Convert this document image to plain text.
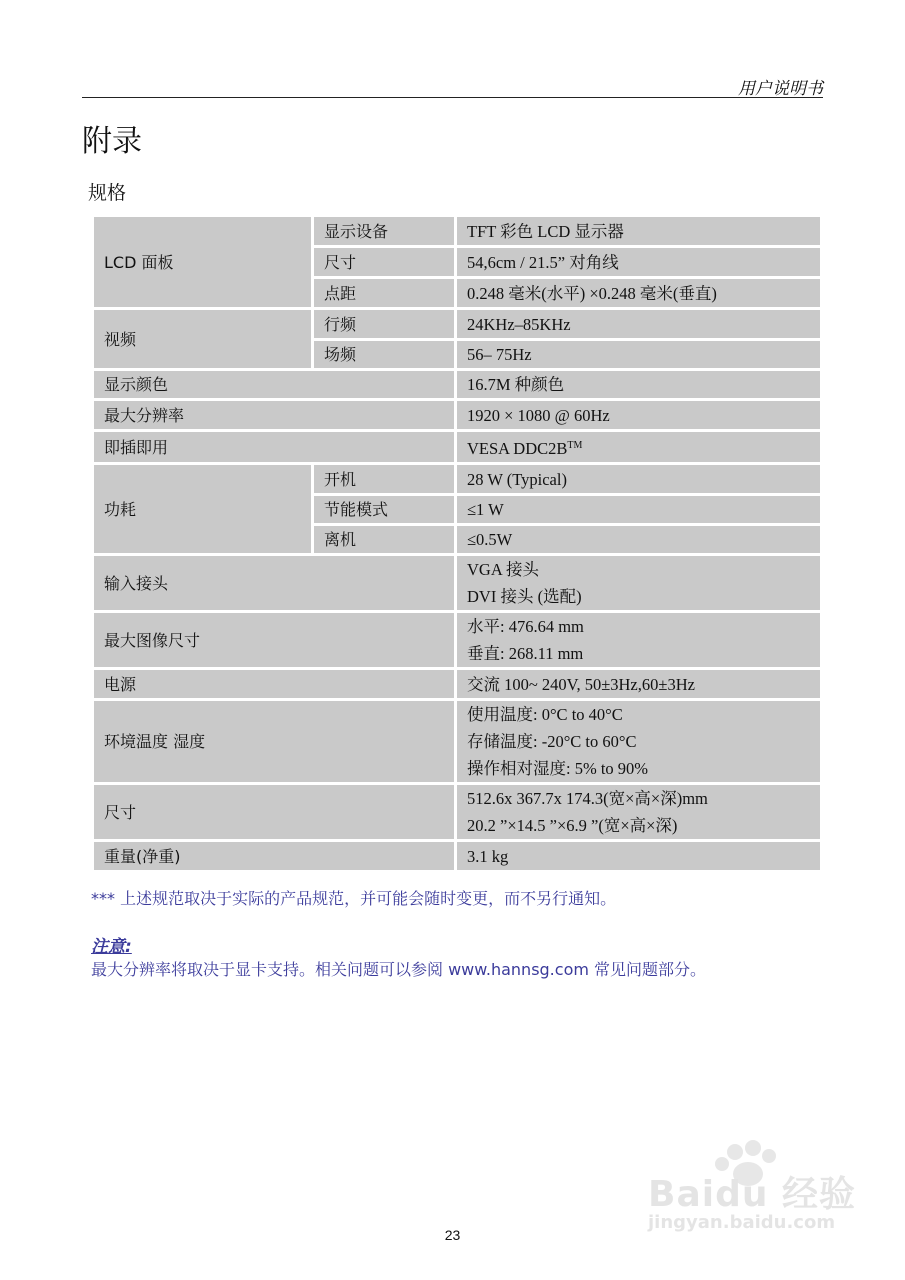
用户说明书
附录
规格
LCD 面板	显示设备	TFT 彩色 LCD 显示器
	尺寸	54,6cm / 21.5” 对角线
	点距	0.248 毫米(水平) ×0.248 毫米(垂直)
视频	行频	24KHz–85KHz
	场频	56– 75Hz
显示颜色		16.7M 种颜色
最大分辨率		1920 × 1080 @ 60Hz
即插即用		VESA DDC2B™
功耗	开机	28 W (Typical)
	节能模式	≤1 W
	离机	≤0.5W
输入接头		VGA 接头
DVI 接头 (选配)

最大图像尺寸		水平: 476.64 mm
垂直: 268.11 mm

电源		交流 100~ 240V, 50±3Hz,60±3Hz
环境温度 湿度		使用温度: 0°C to 40°C
存储温度: -20°C to 60°C
操作相对湿度: 5% to 90%

尺寸		512.6x 367.7x 174.3(宽×高×深)mm
20.2 ”×14.5 ”×6.9 ”(宽×高×深)

重量(净重)		3.1 kg
*** 上述规范取决于实际的产品规范，并可能会随时变更，而不另行通知。
注意:
最大分辨率将取决于显卡支持。相关问题可以参阅 www.hannsg.com 常见问题部分。
Baidu 经验
jingyan.baidu.com
23
